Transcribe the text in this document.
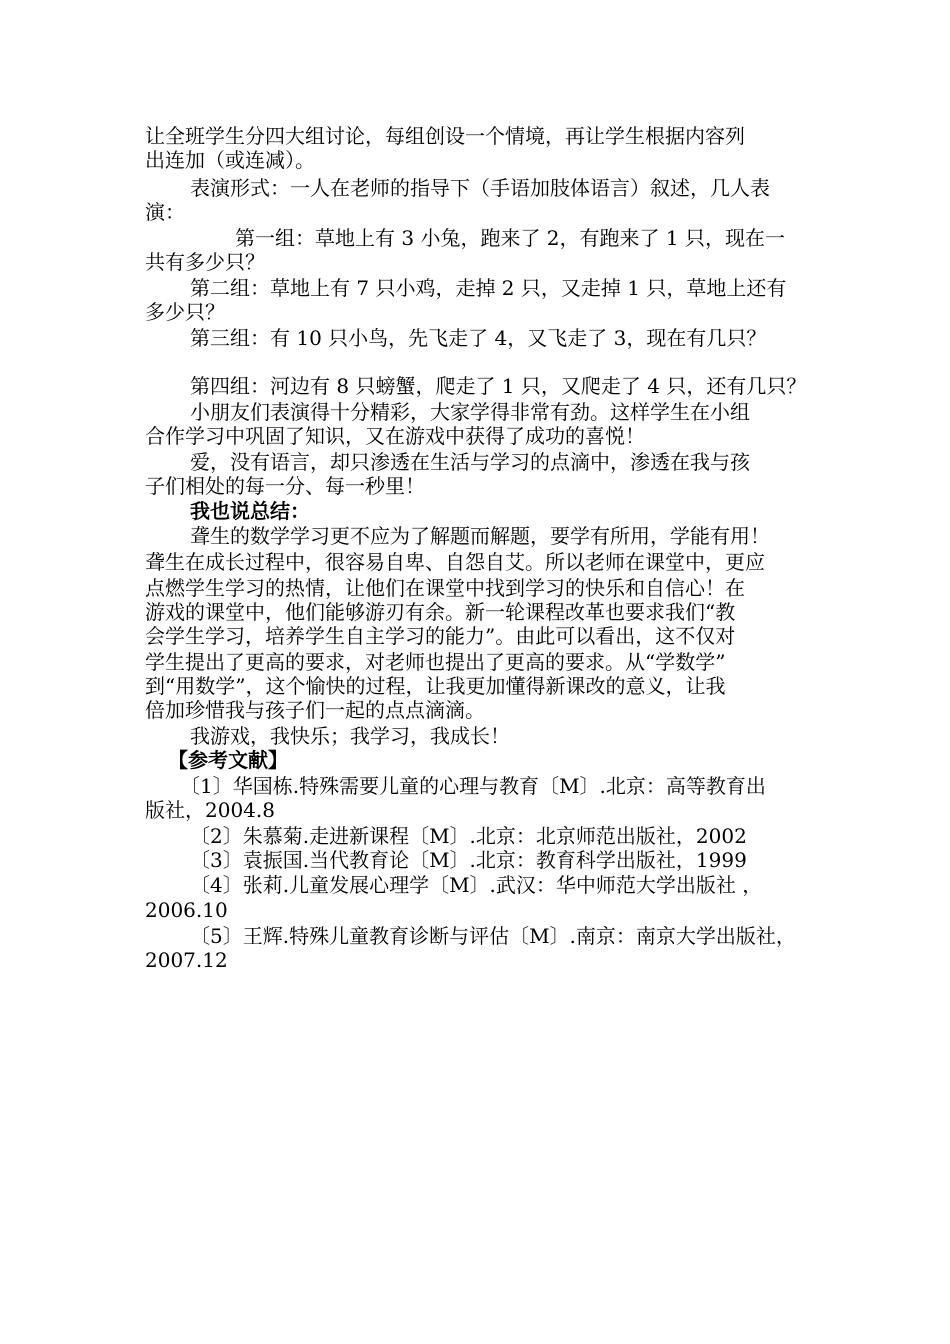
让全班学生分四大组讨论，每组创设一个情境，再让学生根据内容列

出连加（或连减）。

表演形式：一人在老师的指导下（手语加肢体语言）叙述，几人表

演：

第一组：草地上有 3 小兔，跑来了 2，有跑来了 1 只，现在一

共有多少只？

第二组：草地上有 7 只小鸡，走掉 2 只，又走掉 1 只，草地上还有

多少只？

第三组：有 10 只小鸟，先飞走了 4，又飞走了 3，现在有几只？

第四组：河边有 8 只螃蟹，爬走了 1 只，又爬走了 4 只，还有几只？

小朋友们表演得十分精彩，大家学得非常有劲。这样学生在小组

合作学习中巩固了知识，又在游戏中获得了成功的喜悦！

爱，没有语言，却只渗透在生活与学习的点滴中，渗透在我与孩

子们相处的每一分、每一秒里！

我也说总结：

聋生的数学学习更不应为了解题而解题，要学有所用，学能有用！

聋生在成长过程中，很容易自卑、自怨自艾。所以老师在课堂中，更应

点燃学生学习的热情，让他们在课堂中找到学习的快乐和自信心！在

游戏的课堂中，他们能够游刃有余。新一轮课程改革也要求我们“教

会学生学习，培养学生自主学习的能力”。由此可以看出，这不仅对

学生提出了更高的要求，对老师也提出了更高的要求。从“学数学”

到“用数学”，这个愉快的过程，让我更加懂得新课改的意义，让我

倍加珍惜我与孩子们一起的点点滴滴。

我游戏，我快乐；我学习，我成长！

【参考文献】

〔1〕华国栋.特殊需要儿童的心理与教育〔M〕.北京：高等教育出

版社，2004.8

〔2〕朱慕菊.走进新课程〔M〕.北京：北京师范出版社，2002

〔3〕袁振国.当代教育论〔M〕.北京：教育科学出版社，1999

〔4〕张莉.儿童发展心理学〔M〕.武汉：华中师范大学出版社 ，

2006.10

〔5〕王辉.特殊儿童教育诊断与评估〔M〕.南京：南京大学出版社，

2007.12
